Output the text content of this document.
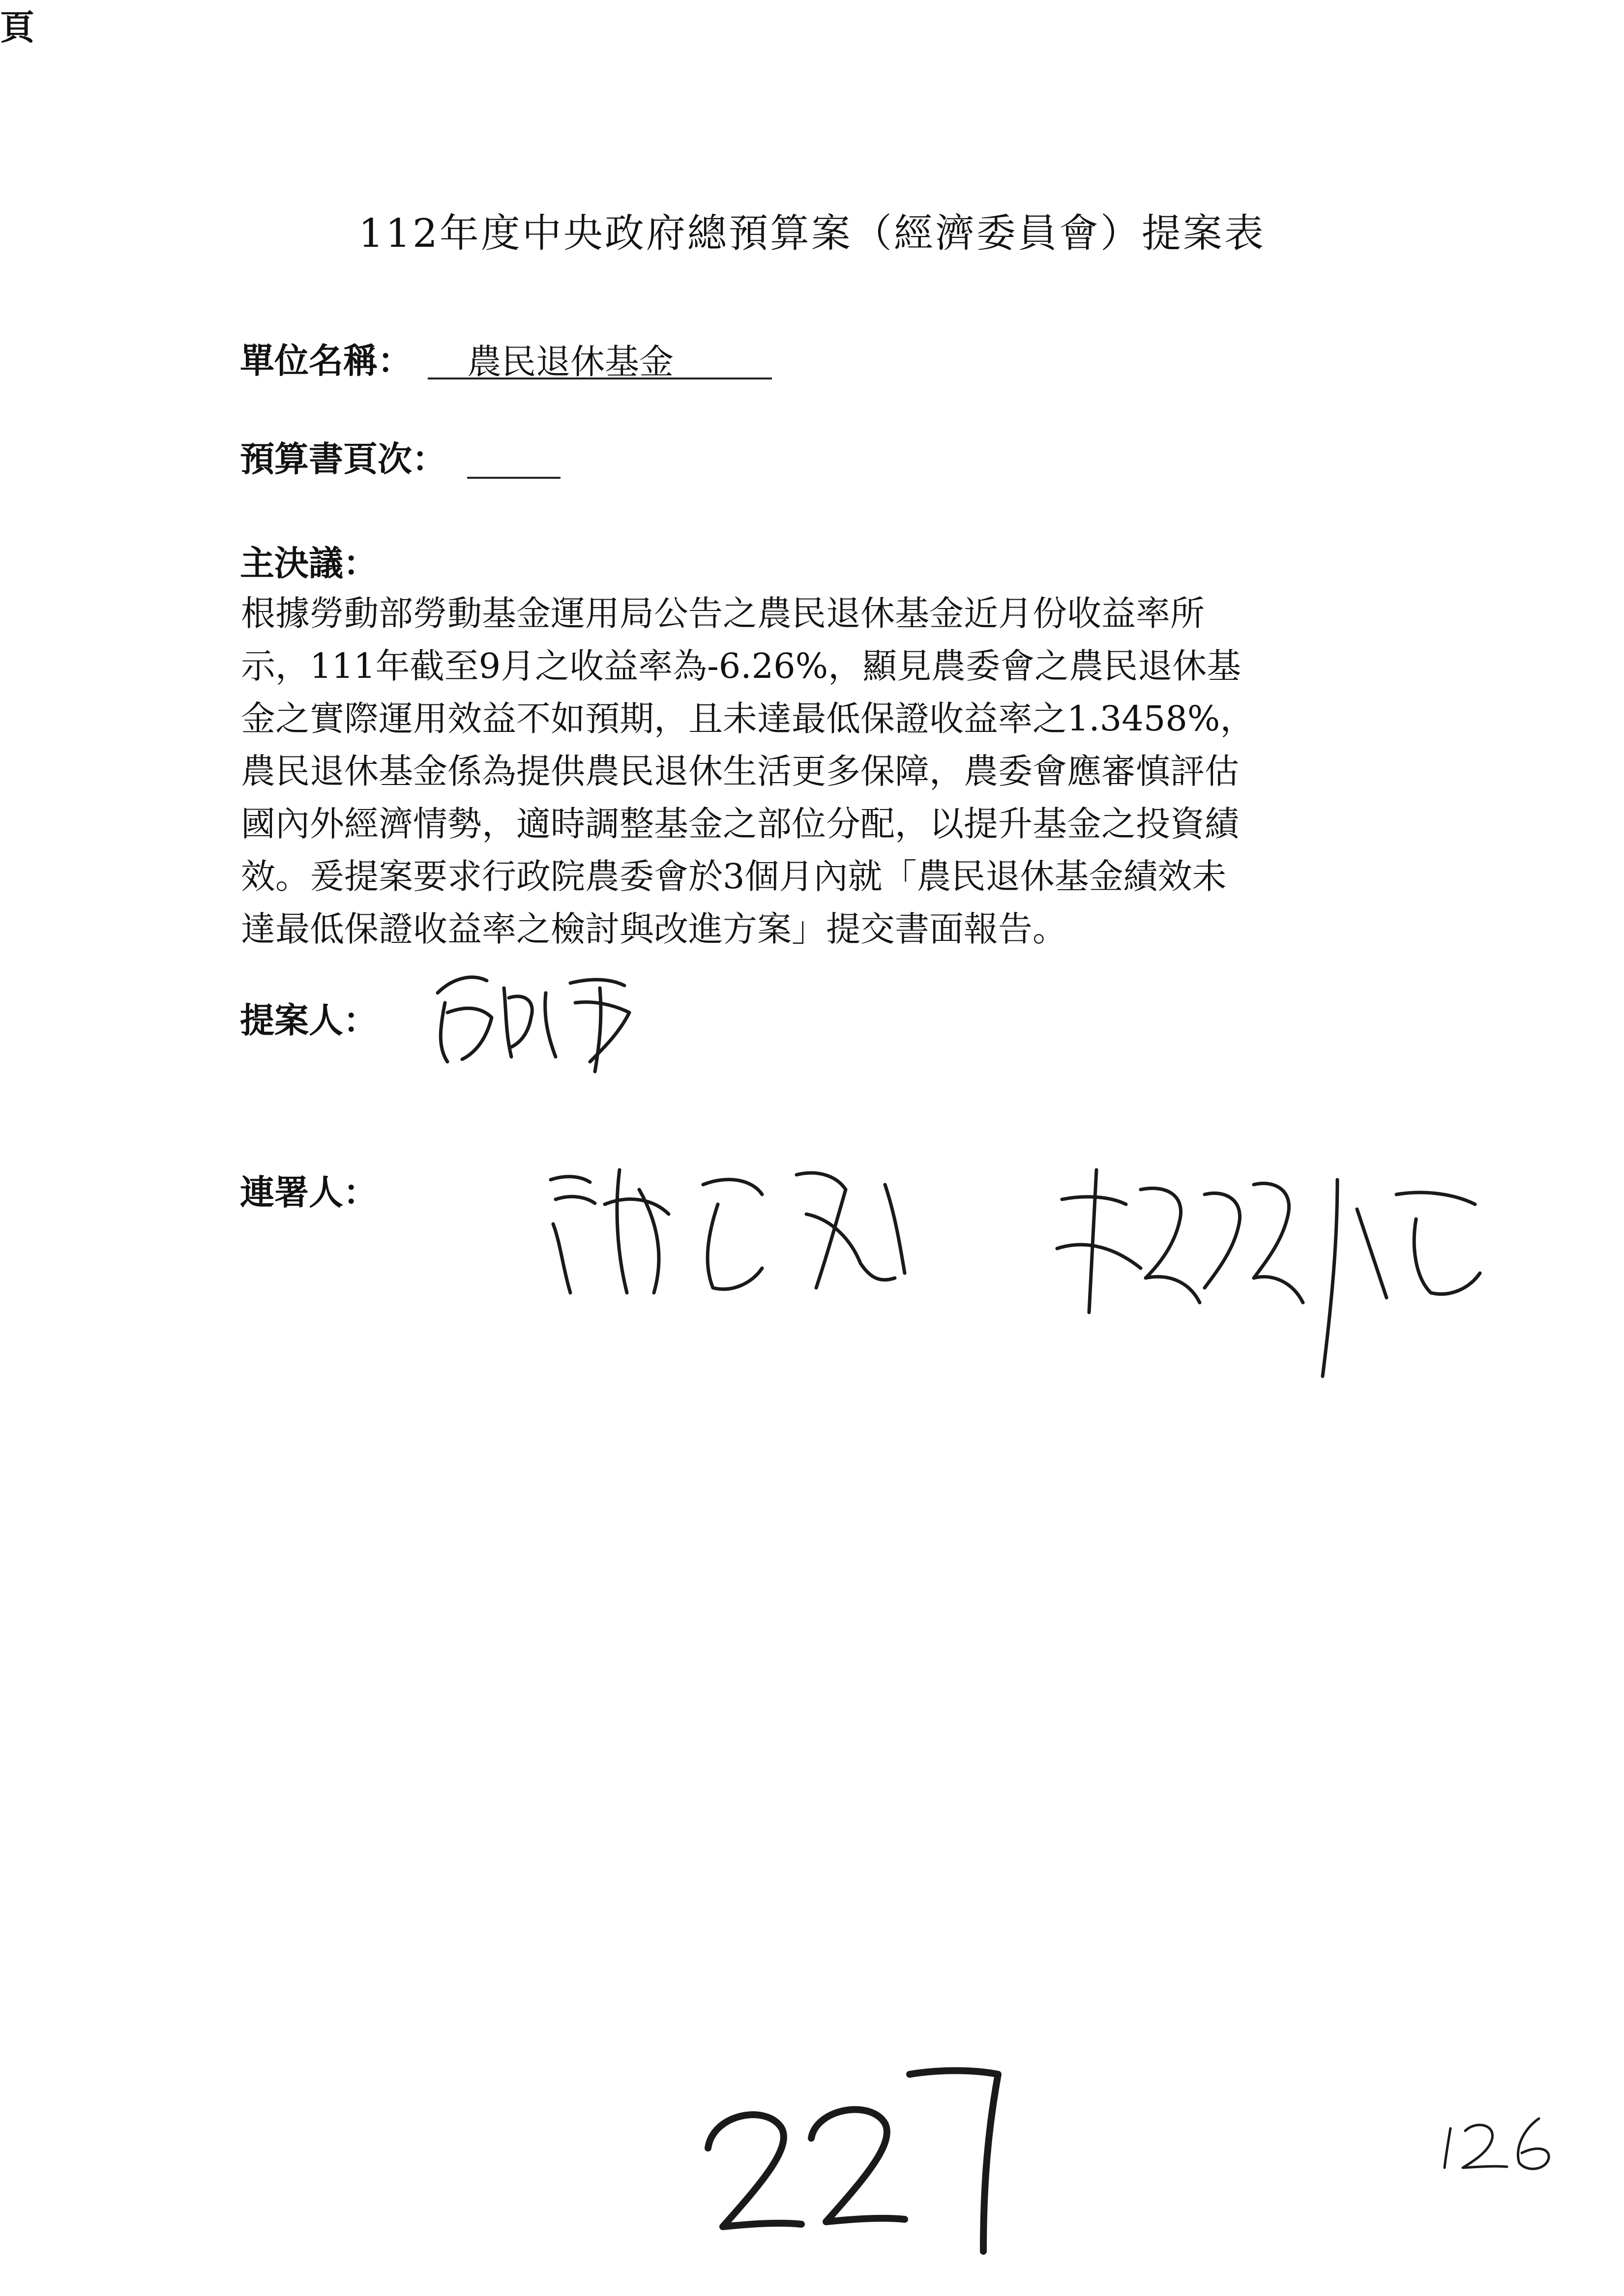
112年度中央政府總預算案（經濟委員會）提案表
單位名稱： 農民退休基金
預算書頁次：
頁
主決議：
根據勞動部勞動基金運用局公告之農民退休基金近月份收益率所
示，111年截至9月之收益率為-6.26%，顯見農委會之農民退休基
金之實際運用效益不如預期，且未達最低保證收益率之1.3458%，
農民退休基金係為提供農民退休生活更多保障，農委會應審慎評估
國內外經濟情勢，適時調整基金之部位分配，以提升基金之投資績
效。爰提案要求行政院農委會於3個月內就「農民退休基金績效未
達最低保證收益率之檢討與改進方案」提交書面報告。
提案人：
連署人：
